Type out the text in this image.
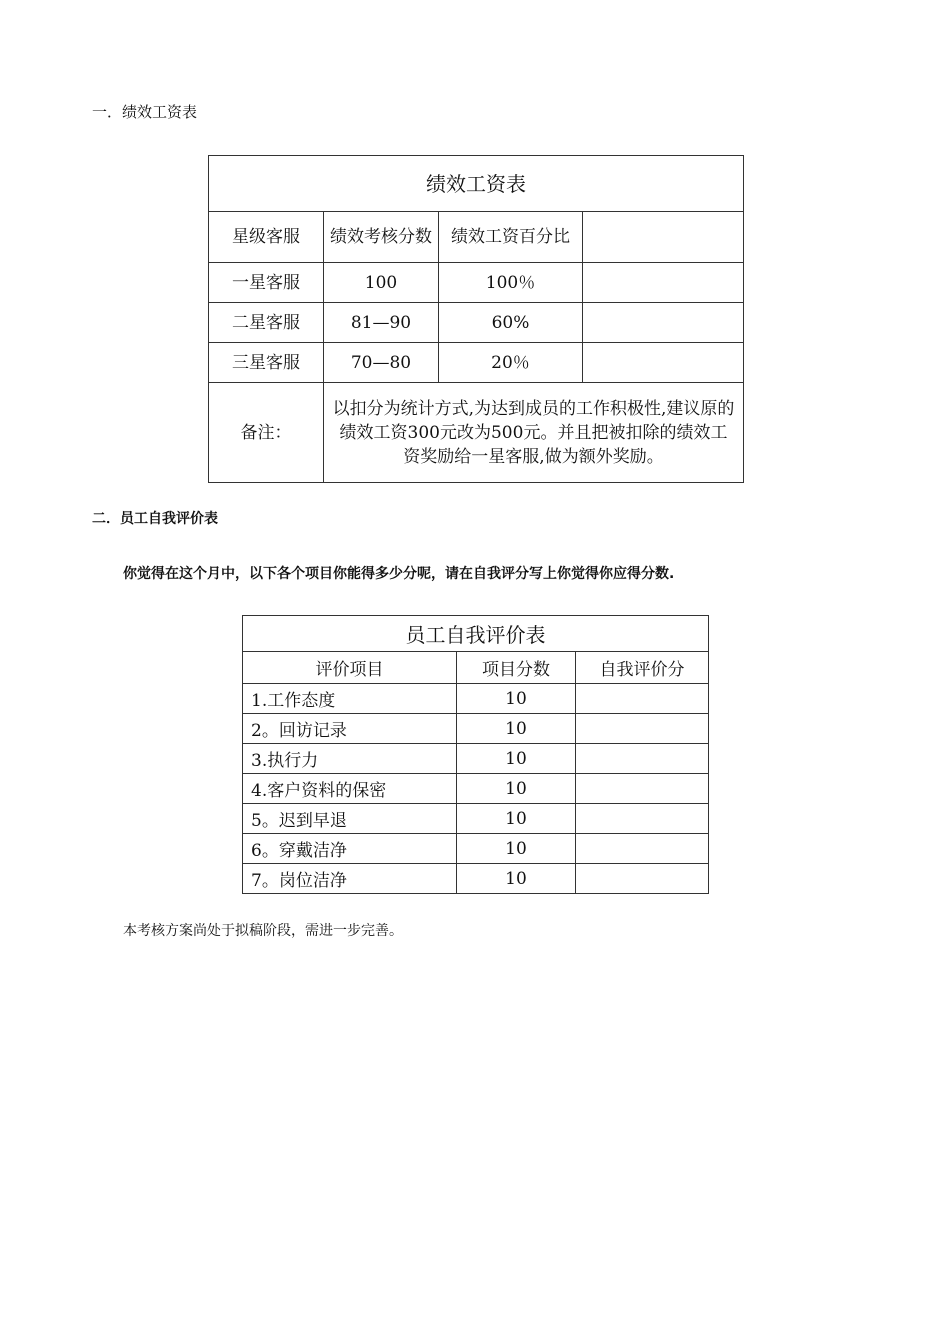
一．绩效工资表
绩效工资表			
星级客服	绩效考核分数	绩效工资百分比	
一星客服	100	100％	
二星客服	81—90	60%	
三星客服	70—80	20％	
备注：	以扣分为统计方式,为达到成员的工作积极性,建议原的绩效工资300元改为500元。并且把被扣除的绩效工资奖励给一星客服,做为额外奖励。		
二．员工自我评价表
你觉得在这个月中，以下各个项目你能得多少分呢，请在自我评分写上你觉得你应得分数.
员工自我评价表		
评价项目	项目分数	自我评价分
1.工作态度	10	
2。回访记录	10	
3.执行力	10	
4.客户资料的保密	10	
5。迟到早退	10	
6。穿戴洁净	10	
7。岗位洁净	10	
本考核方案尚处于拟稿阶段，需进一步完善。
